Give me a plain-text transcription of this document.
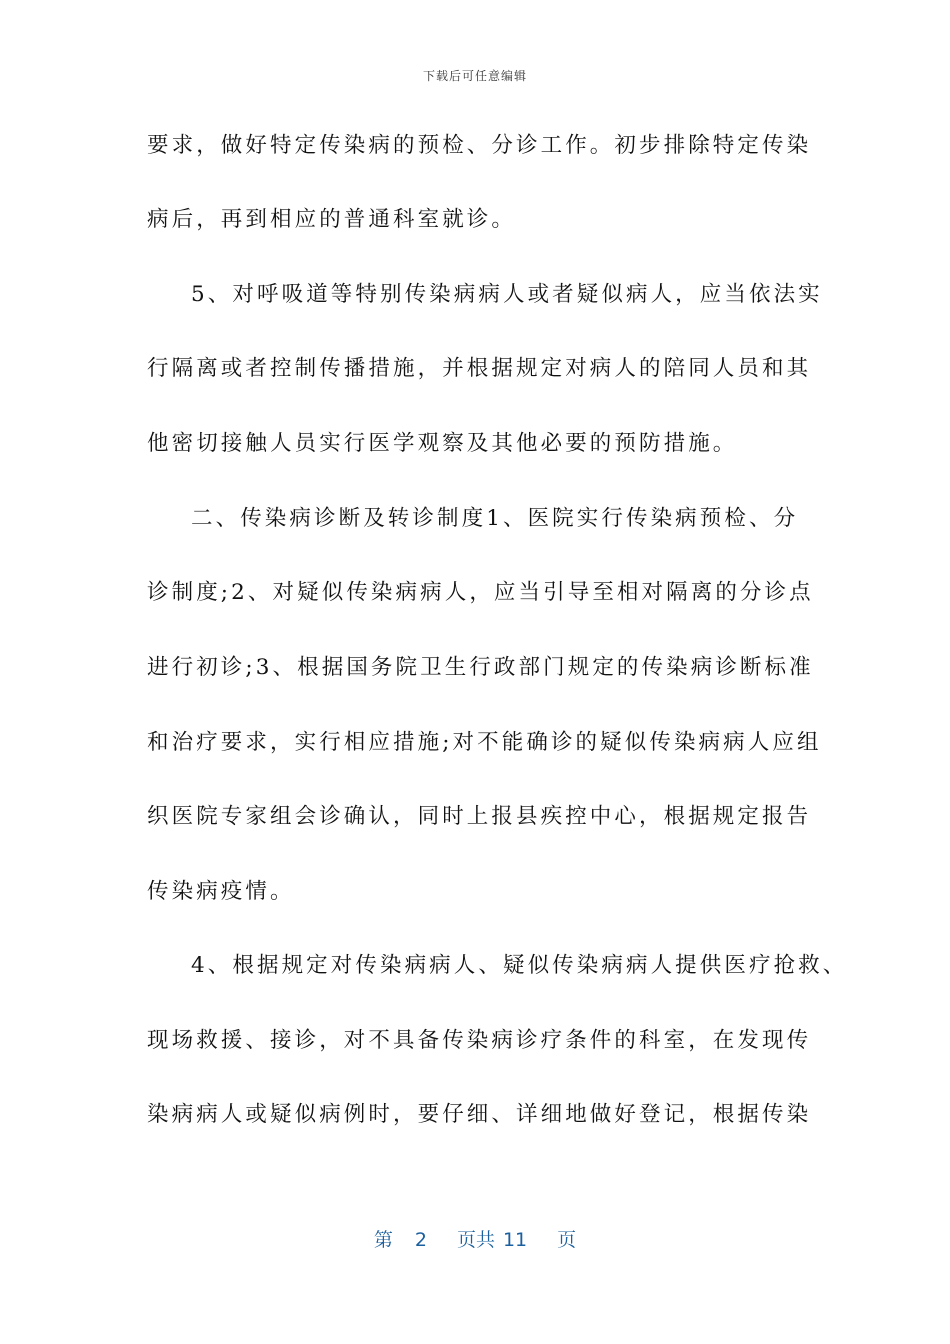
下载后可任意编辑
要求，做好特定传染病的预检、分诊工作。初步排除特定传染
病后，再到相应的普通科室就诊。
5、对呼吸道等特别传染病病人或者疑似病人，应当依法实
行隔离或者控制传播措施，并根据规定对病人的陪同人员和其
他密切接触人员实行医学观察及其他必要的预防措施。
二、传染病诊断及转诊制度1、医院实行传染病预检、分
诊制度;2、对疑似传染病病人，应当引导至相对隔离的分诊点
进行初诊;3、根据国务院卫生行政部门规定的传染病诊断标准
和治疗要求，实行相应措施;对不能确诊的疑似传染病病人应组
织医院专家组会诊确认，同时上报县疾控中心，根据规定报告
传染病疫情。
4、根据规定对传染病病人、疑似传染病病人提供医疗抢救、
现场救援、接诊，对不具备传染病诊疗条件的科室，在发现传
染病病人或疑似病例时，要仔细、详细地做好登记，根据传染
第 2 页共 11 页
